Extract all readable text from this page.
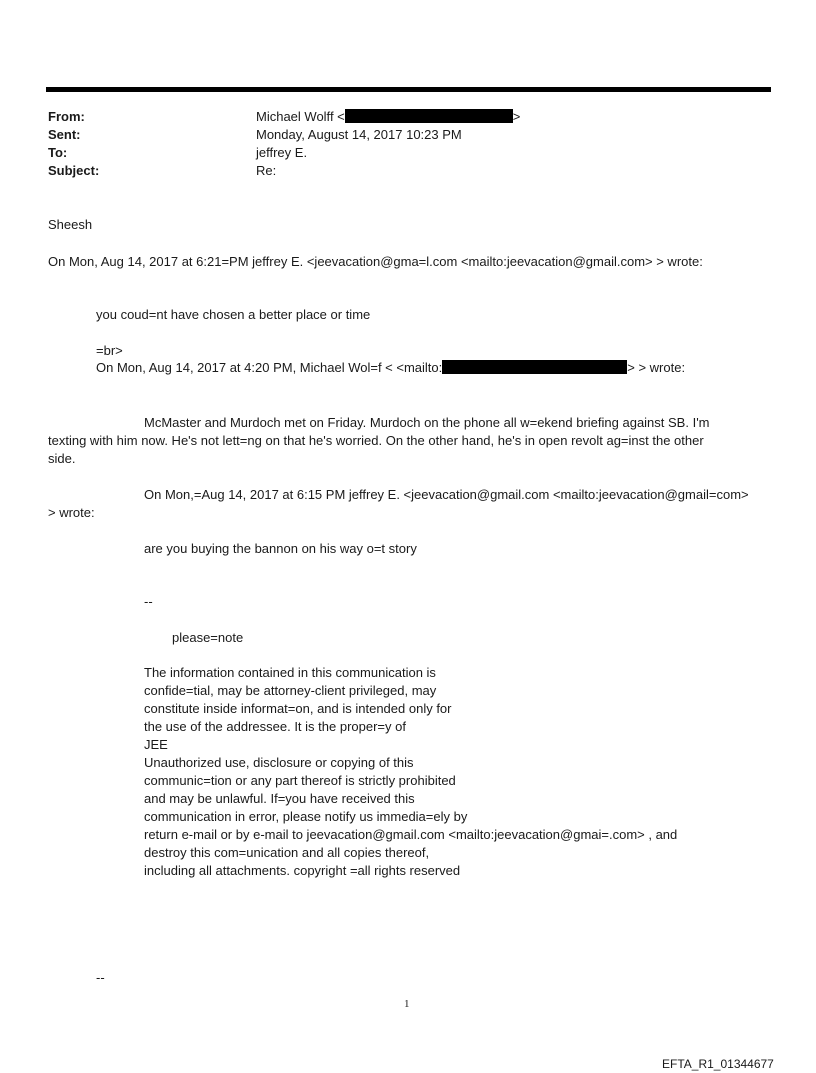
From:	Michael Wolff <	>
Sent:	Monday, August 14, 2017 10:23 PM
To:	jeffrey E.
Subject:	Re:
Sheesh
On Mon, Aug 14, 2017 at 6:21=PM jeffrey E. <jeevacation@gma=l.com <mailto:jeevacation@gmail.com> > wrote:
you coud=nt have chosen a better place or time
=br>
On Mon, Aug 14, 2017 at 4:20 PM, Michael Wol=f < <mailto:	> > wrote:
McMaster and Murdoch met on Friday. Murdoch on the phone all w=ekend briefing against SB. I'm
texting with him now. He's not lett=ng on that he's worried. On the other hand, he's in open revolt ag=inst the other
side.
On Mon,=Aug 14, 2017 at 6:15 PM jeffrey E. <jeevacation@gmail.com <mailto:jeevacation@gmail=com>
> wrote:
are you buying the bannon on his way o=t story
--
please=note
The information contained in this communication is
confide=tial, may be attorney-client privileged, may
constitute inside informat=on, and is intended only for
the use of the addressee. It is the proper=y of
JEE
Unauthorized use, disclosure or copying of this
communic=tion or any part thereof is strictly prohibited
and may be unlawful. If=you have received this
communication in error, please notify us immedia=ely by
return e-mail or by e-mail to jeevacation@gmail.com <mailto:jeevacation@gmai=.com> , and
destroy this com=unication and all copies thereof,
including all attachments. copyright =all rights reserved
--
1
EFTA_R1_01344677
